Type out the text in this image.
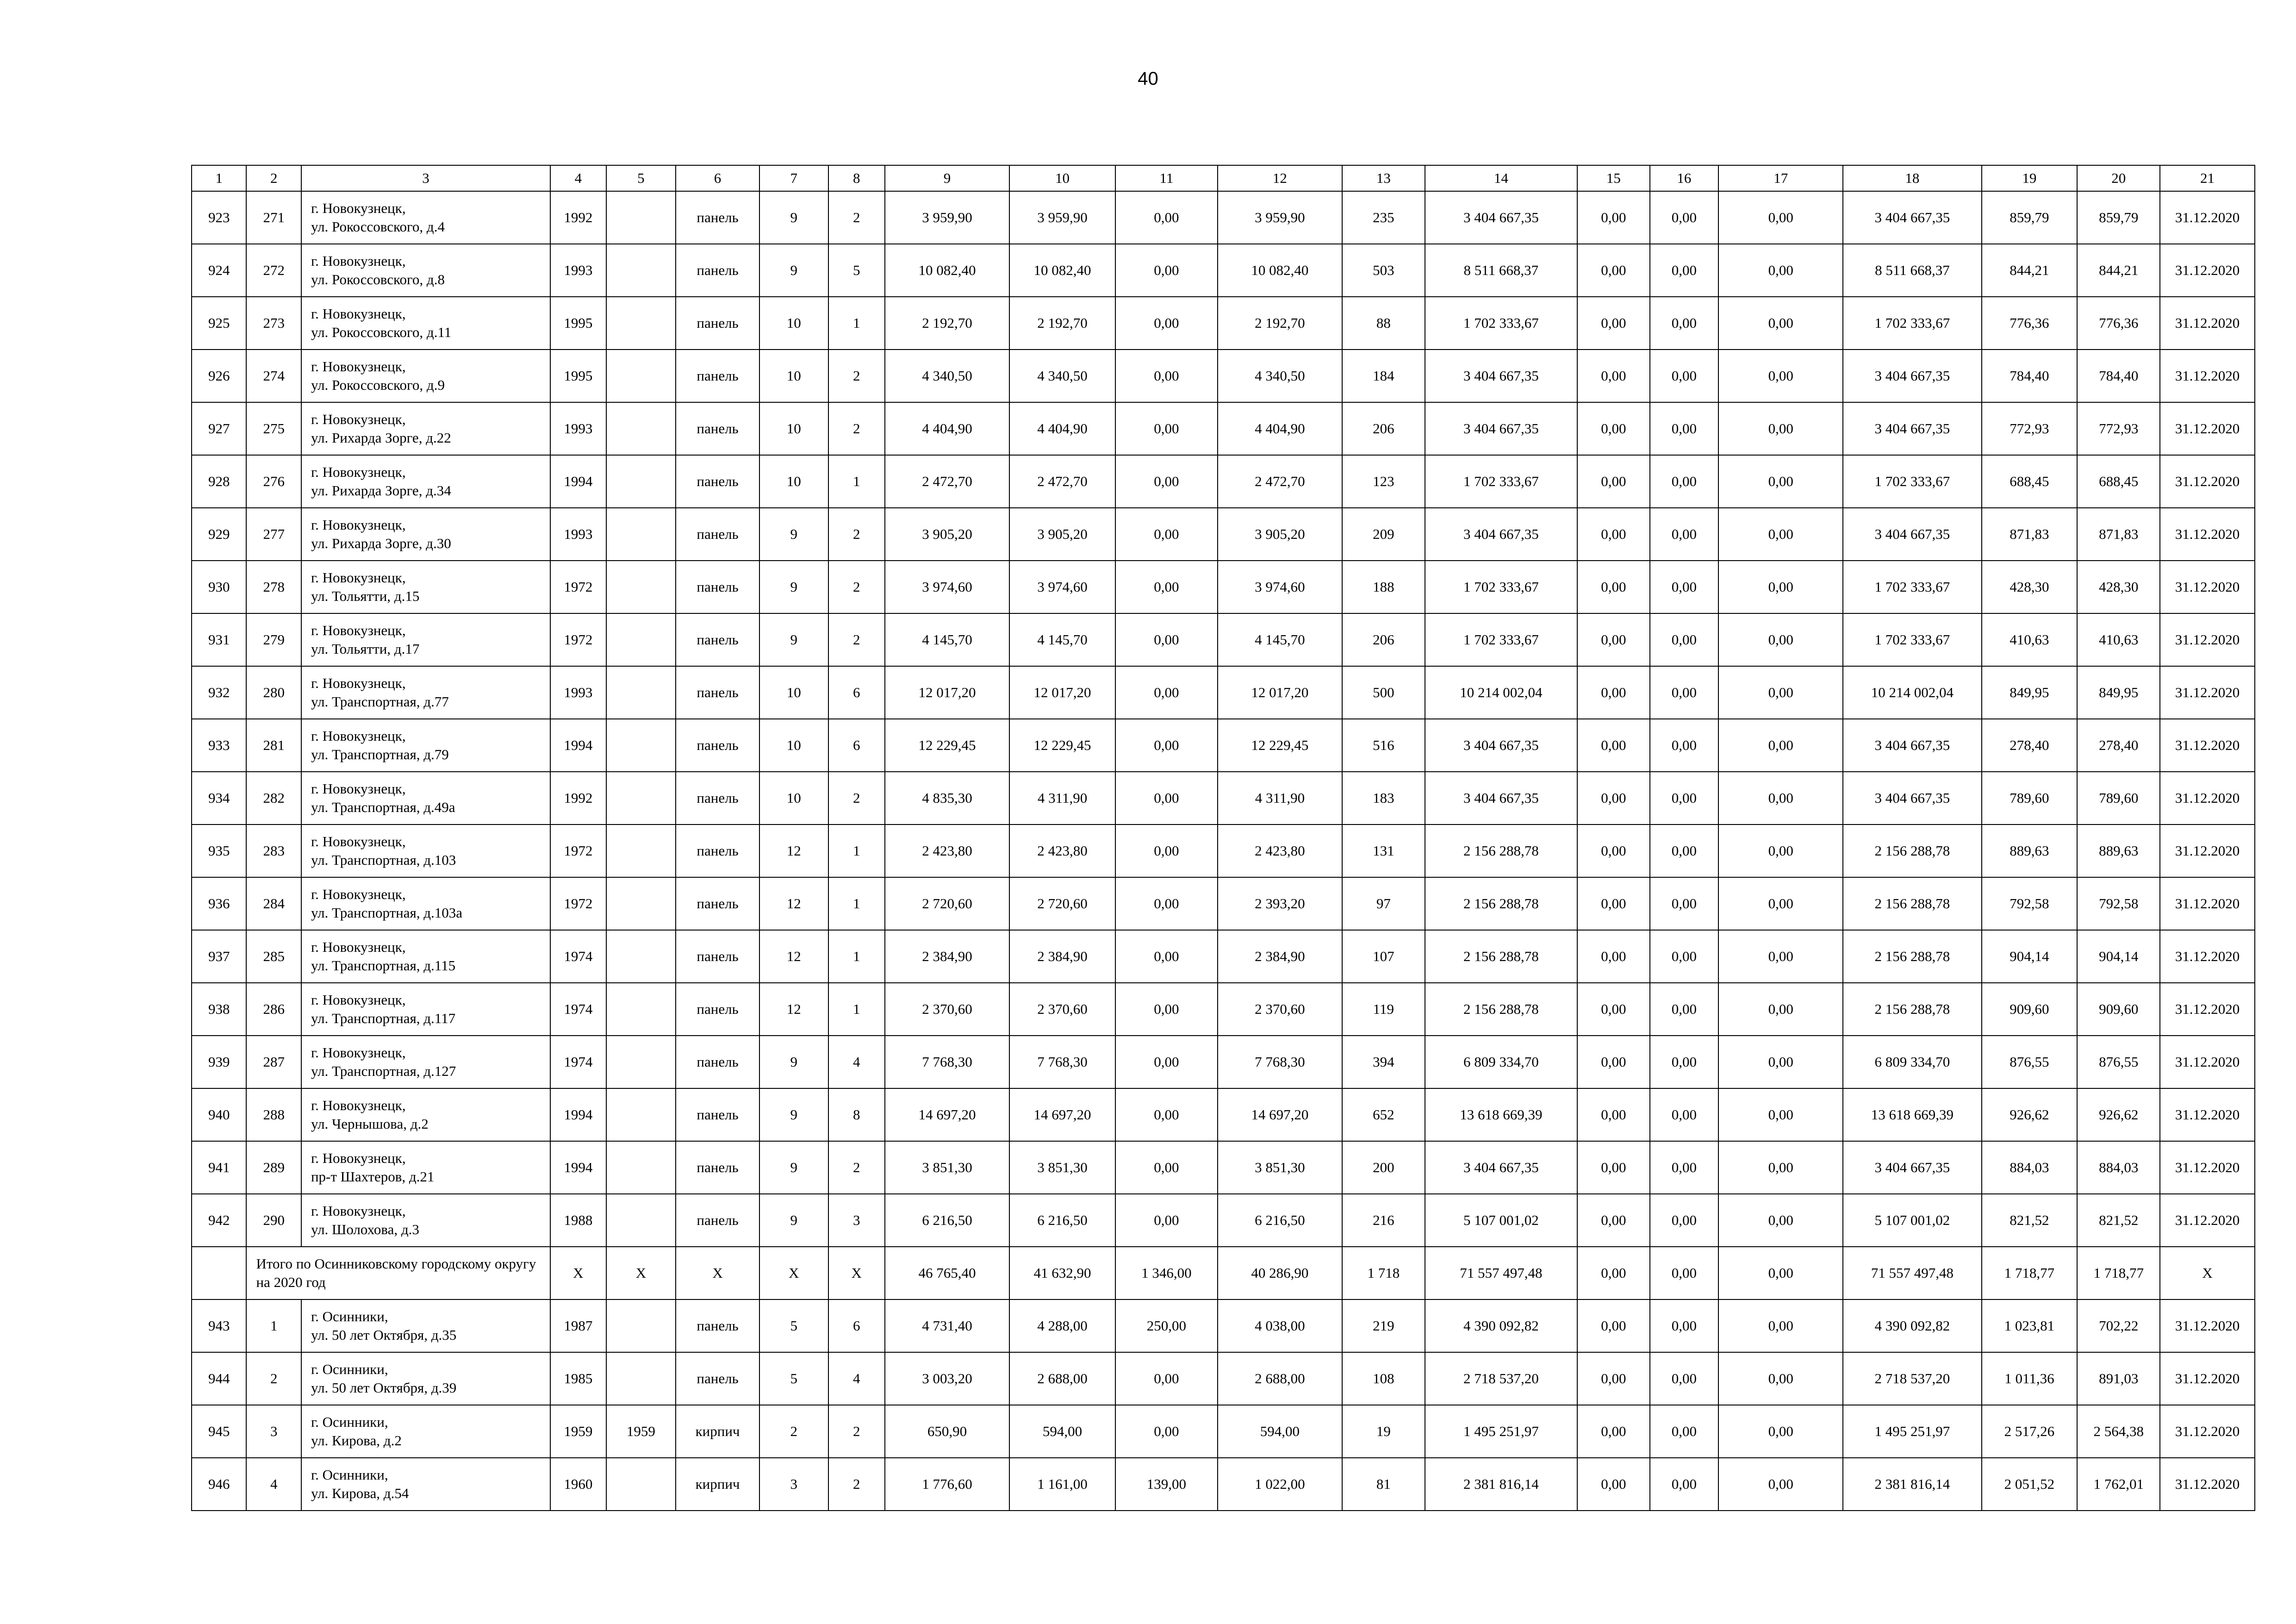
40
1	2	3	4	5	6	7	8	9	10	11	12	13	14	15	16	17	18	19	20	21
923	271	г. Новокузнецк,
ул. Рокоссовского, д.4	1992		панель	9	2	3 959,90	3 959,90	0,00	3 959,90	235	3 404 667,35	0,00	0,00	0,00	3 404 667,35	859,79	859,79	31.12.2020
924	272	г. Новокузнецк,
ул. Рокоссовского, д.8	1993		панель	9	5	10 082,40	10 082,40	0,00	10 082,40	503	8 511 668,37	0,00	0,00	0,00	8 511 668,37	844,21	844,21	31.12.2020
925	273	г. Новокузнецк,
ул. Рокоссовского, д.11	1995		панель	10	1	2 192,70	2 192,70	0,00	2 192,70	88	1 702 333,67	0,00	0,00	0,00	1 702 333,67	776,36	776,36	31.12.2020
926	274	г. Новокузнецк,
ул. Рокоссовского, д.9	1995		панель	10	2	4 340,50	4 340,50	0,00	4 340,50	184	3 404 667,35	0,00	0,00	0,00	3 404 667,35	784,40	784,40	31.12.2020
927	275	г. Новокузнецк,
ул. Рихарда Зорге, д.22	1993		панель	10	2	4 404,90	4 404,90	0,00	4 404,90	206	3 404 667,35	0,00	0,00	0,00	3 404 667,35	772,93	772,93	31.12.2020
928	276	г. Новокузнецк,
ул. Рихарда Зорге, д.34	1994		панель	10	1	2 472,70	2 472,70	0,00	2 472,70	123	1 702 333,67	0,00	0,00	0,00	1 702 333,67	688,45	688,45	31.12.2020
929	277	г. Новокузнецк,
ул. Рихарда Зорге, д.30	1993		панель	9	2	3 905,20	3 905,20	0,00	3 905,20	209	3 404 667,35	0,00	0,00	0,00	3 404 667,35	871,83	871,83	31.12.2020
930	278	г. Новокузнецк,
ул. Тольятти, д.15	1972		панель	9	2	3 974,60	3 974,60	0,00	3 974,60	188	1 702 333,67	0,00	0,00	0,00	1 702 333,67	428,30	428,30	31.12.2020
931	279	г. Новокузнецк,
ул. Тольятти, д.17	1972		панель	9	2	4 145,70	4 145,70	0,00	4 145,70	206	1 702 333,67	0,00	0,00	0,00	1 702 333,67	410,63	410,63	31.12.2020
932	280	г. Новокузнецк,
ул. Транспортная, д.77	1993		панель	10	6	12 017,20	12 017,20	0,00	12 017,20	500	10 214 002,04	0,00	0,00	0,00	10 214 002,04	849,95	849,95	31.12.2020
933	281	г. Новокузнецк,
ул. Транспортная, д.79	1994		панель	10	6	12 229,45	12 229,45	0,00	12 229,45	516	3 404 667,35	0,00	0,00	0,00	3 404 667,35	278,40	278,40	31.12.2020
934	282	г. Новокузнецк,
ул. Транспортная, д.49а	1992		панель	10	2	4 835,30	4 311,90	0,00	4 311,90	183	3 404 667,35	0,00	0,00	0,00	3 404 667,35	789,60	789,60	31.12.2020
935	283	г. Новокузнецк,
ул. Транспортная, д.103	1972		панель	12	1	2 423,80	2 423,80	0,00	2 423,80	131	2 156 288,78	0,00	0,00	0,00	2 156 288,78	889,63	889,63	31.12.2020
936	284	г. Новокузнецк,
ул. Транспортная, д.103а	1972		панель	12	1	2 720,60	2 720,60	0,00	2 393,20	97	2 156 288,78	0,00	0,00	0,00	2 156 288,78	792,58	792,58	31.12.2020
937	285	г. Новокузнецк,
ул. Транспортная, д.115	1974		панель	12	1	2 384,90	2 384,90	0,00	2 384,90	107	2 156 288,78	0,00	0,00	0,00	2 156 288,78	904,14	904,14	31.12.2020
938	286	г. Новокузнецк,
ул. Транспортная, д.117	1974		панель	12	1	2 370,60	2 370,60	0,00	2 370,60	119	2 156 288,78	0,00	0,00	0,00	2 156 288,78	909,60	909,60	31.12.2020
939	287	г. Новокузнецк,
ул. Транспортная, д.127	1974		панель	9	4	7 768,30	7 768,30	0,00	7 768,30	394	6 809 334,70	0,00	0,00	0,00	6 809 334,70	876,55	876,55	31.12.2020
940	288	г. Новокузнецк,
ул. Чернышова, д.2	1994		панель	9	8	14 697,20	14 697,20	0,00	14 697,20	652	13 618 669,39	0,00	0,00	0,00	13 618 669,39	926,62	926,62	31.12.2020
941	289	г. Новокузнецк,
пр-т Шахтеров, д.21	1994		панель	9	2	3 851,30	3 851,30	0,00	3 851,30	200	3 404 667,35	0,00	0,00	0,00	3 404 667,35	884,03	884,03	31.12.2020
942	290	г. Новокузнецк,
ул. Шолохова, д.3	1988		панель	9	3	6 216,50	6 216,50	0,00	6 216,50	216	5 107 001,02	0,00	0,00	0,00	5 107 001,02	821,52	821,52	31.12.2020
	Итого по Осинниковскому городскому округу на 2020 год		Х	Х	Х	Х	Х	46 765,40	41 632,90	1 346,00	40 286,90	1 718	71 557 497,48	0,00	0,00	0,00	71 557 497,48	1 718,77	1 718,77	Х
943	1	г. Осинники,
ул. 50 лет Октября, д.35	1987		панель	5	6	4 731,40	4 288,00	250,00	4 038,00	219	4 390 092,82	0,00	0,00	0,00	4 390 092,82	1 023,81	702,22	31.12.2020
944	2	г. Осинники,
ул. 50 лет Октября, д.39	1985		панель	5	4	3 003,20	2 688,00	0,00	2 688,00	108	2 718 537,20	0,00	0,00	0,00	2 718 537,20	1 011,36	891,03	31.12.2020
945	3	г. Осинники,
ул. Кирова, д.2	1959	1959	кирпич	2	2	650,90	594,00	0,00	594,00	19	1 495 251,97	0,00	0,00	0,00	1 495 251,97	2 517,26	2 564,38	31.12.2020
946	4	г. Осинники,
ул. Кирова, д.54	1960		кирпич	3	2	1 776,60	1 161,00	139,00	1 022,00	81	2 381 816,14	0,00	0,00	0,00	2 381 816,14	2 051,52	1 762,01	31.12.2020
